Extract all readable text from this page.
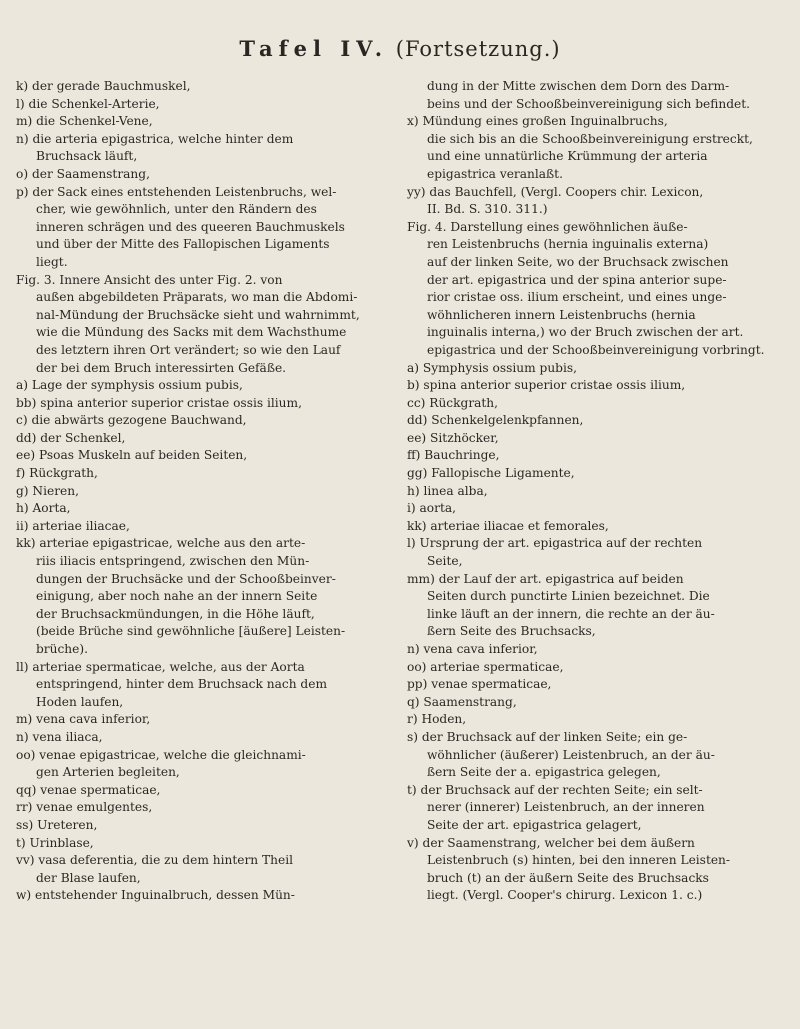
Tafel IV. (Fortsetzung.)
k) der gerade Bauchmuskel,
l) die Schenkel-Arterie,
m) die Schenkel-Vene,
n) die arteria epigastrica, welche hinter dem
Bruchsack läuft,
o) der Saamenstrang,
p) der Sack eines entstehenden Leistenbruchs, wel-
cher, wie gewöhnlich, unter den Rändern des
inneren schrägen und des queeren Bauchmuskels
und über der Mitte des Fallopischen Ligaments
liegt.
Fig. 3. Innere Ansicht des unter Fig. 2. von
außen abgebildeten Präparats, wo man die Abdomi-
nal-Mündung der Bruchsäcke sieht und wahrnimmt,
wie die Mündung des Sacks mit dem Wachsthume
des letztern ihren Ort verändert; so wie den Lauf
der bei dem Bruch interessirten Gefäße.
a) Lage der symphysis ossium pubis,
bb) spina anterior superior cristae ossis ilium,
c) die abwärts gezogene Bauchwand,
dd) der Schenkel,
ee) Psoas Muskeln auf beiden Seiten,
f) Rückgrath,
g) Nieren,
h) Aorta,
ii) arteriae iliacae,
kk) arteriae epigastricae, welche aus den arte-
riis iliacis entspringend, zwischen den Mün-
dungen der Bruchsäcke und der Schooßbeinver-
einigung, aber noch nahe an der innern Seite
der Bruchsackmündungen, in die Höhe läuft,
(beide Brüche sind gewöhnliche [äußere] Leisten-
brüche).
ll) arteriae spermaticae, welche, aus der Aorta
entspringend, hinter dem Bruchsack nach dem
Hoden laufen,
m) vena cava inferior,
n) vena iliaca,
oo) venae epigastricae, welche die gleichnami-
gen Arterien begleiten,
qq) venae spermaticae,
rr) venae emulgentes,
ss) Ureteren,
t) Urinblase,
vv) vasa deferentia, die zu dem hintern Theil
der Blase laufen,
w) entstehender Inguinalbruch, dessen Mün-
dung in der Mitte zwischen dem Dorn des Darm-
beins und der Schooßbeinvereinigung sich befindet.
x) Mündung eines großen Inguinalbruchs,
die sich bis an die Schooßbeinvereinigung erstreckt,
und eine unnatürliche Krümmung der arteria
epigastrica veranlaßt.
yy) das Bauchfell, (Vergl. Coopers chir. Lexicon,
II. Bd. S. 310. 311.)
Fig. 4. Darstellung eines gewöhnlichen äuße-
ren Leistenbruchs (hernia inguinalis externa)
auf der linken Seite, wo der Bruchsack zwischen
der art. epigastrica und der spina anterior supe-
rior cristae oss. ilium erscheint, und eines unge-
wöhnlicheren innern Leistenbruchs (hernia
inguinalis interna,) wo der Bruch zwischen der art.
epigastrica und der Schooßbeinvereinigung vorbringt.
a) Symphysis ossium pubis,
b) spina anterior superior cristae ossis ilium,
cc) Rückgrath,
dd) Schenkelgelenkpfannen,
ee) Sitzhöcker,
ff) Bauchringe,
gg) Fallopische Ligamente,
h) linea alba,
i) aorta,
kk) arteriae iliacae et femorales,
l) Ursprung der art. epigastrica auf der rechten
Seite,
mm) der Lauf der art. epigastrica auf beiden
Seiten durch punctirte Linien bezeichnet. Die
linke läuft an der innern, die rechte an der äu-
ßern Seite des Bruchsacks,
n) vena cava inferior,
oo) arteriae spermaticae,
pp) venae spermaticae,
q) Saamenstrang,
r) Hoden,
s) der Bruchsack auf der linken Seite; ein ge-
wöhnlicher (äußerer) Leistenbruch, an der äu-
ßern Seite der a. epigastrica gelegen,
t) der Bruchsack auf der rechten Seite; ein selt-
nerer (innerer) Leistenbruch, an der inneren
Seite der art. epigastrica gelagert,
v) der Saamenstrang, welcher bei dem äußern
Leistenbruch (s) hinten, bei den inneren Leisten-
bruch (t) an der äußern Seite des Bruchsacks
liegt. (Vergl. Cooper's chirurg. Lexicon 1. c.)
